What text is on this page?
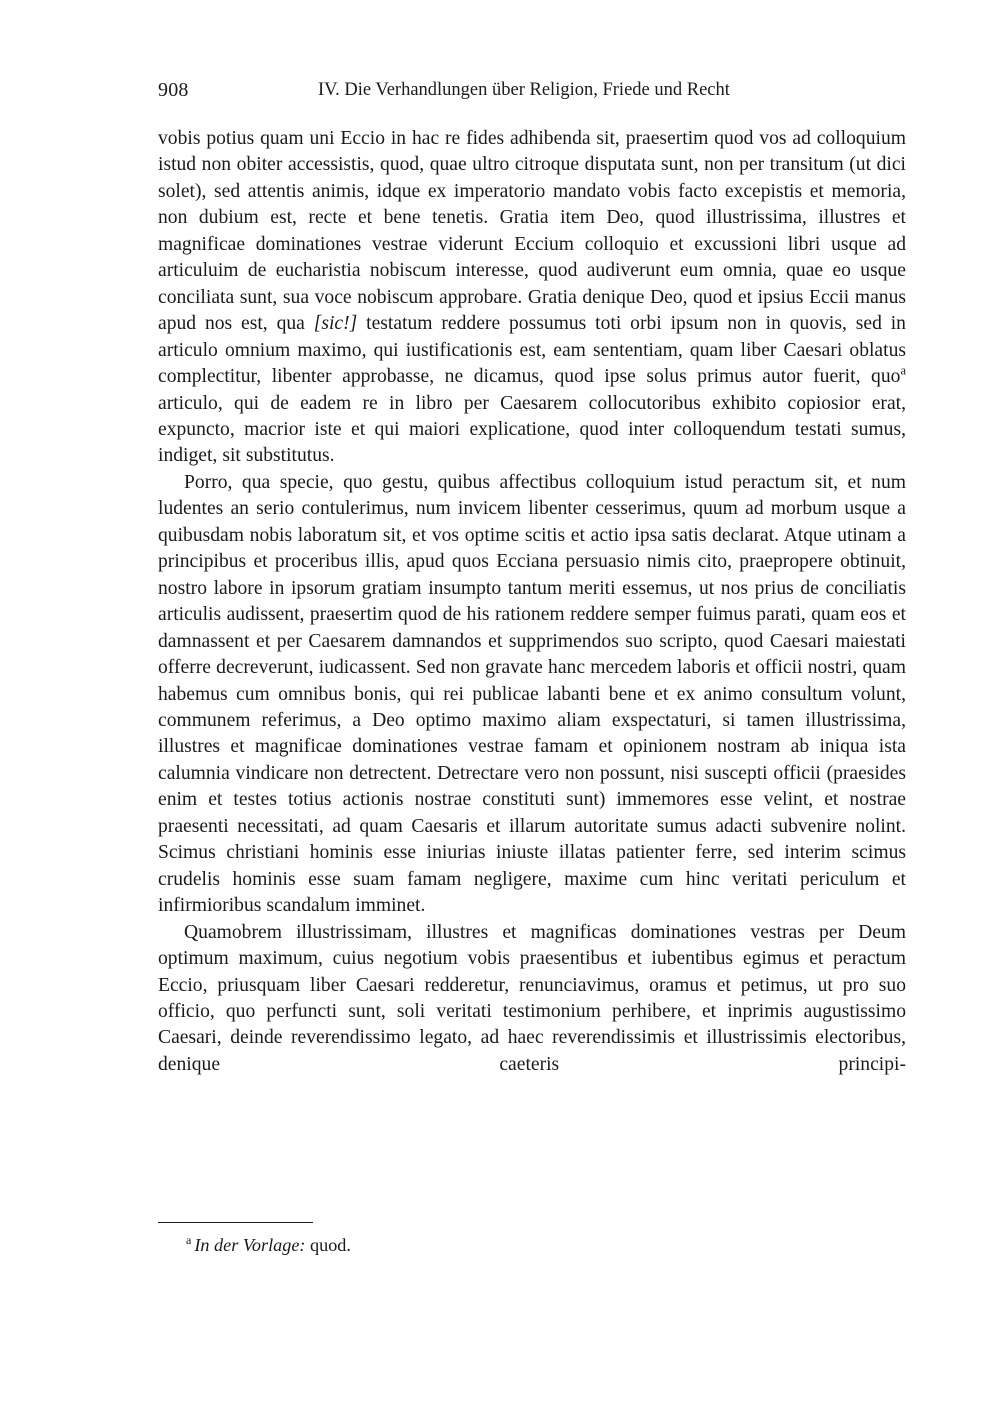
908	IV. Die Verhandlungen über Religion, Friede und Recht

vobis potius quam uni Eccio in hac re fides adhibenda sit, praesertim quod vos ad colloquium istud non obiter accessistis, quod, quae ultro citroque disputata sunt, non per transitum (ut dici solet), sed attentis animis, idque ex imperatorio mandato vobis facto excepistis et memoria, non dubium est, recte et bene tenetis. Gratia item Deo, quod illustrissima, illustres et magnificae dominationes vestrae viderunt Eccium colloquio et excussioni libri usque ad articuluim de eucharistia nobiscum interesse, quod audiverunt eum omnia, quae eo usque conciliata sunt, sua voce nobiscum approbare. Gratia denique Deo, quod et ipsius Eccii manus apud nos est, qua [sic!] testatum reddere possumus toti orbi ipsum non in quovis, sed in articulo omnium maximo, qui iustificationis est, eam sententiam, quam liber Caesari oblatus complectitur, libenter approbasse, ne dicamus, quod ipse solus primus autor fuerit, quo$^a$ articulo, qui de eadem re in libro per Caesarem collocutoribus exhibito copiosior erat, expuncto, macrior iste et qui maiori explicatione, quod inter colloquendum testati sumus, indiget, sit substitutus.

Porro, qua specie, quo gestu, quibus affectibus colloquium istud peractum sit, et num ludentes an serio contulerimus, num invicem libenter cesserimus, quum ad morbum usque a quibusdam nobis laboratum sit, et vos optime scitis et actio ipsa satis declarat. Atque utinam a principibus et proceribus illis, apud quos Ecciana persuasio nimis cito, praepropere obtinuit, nostro labore in ipsorum gratiam insumpto tantum meriti essemus, ut nos prius de conciliatis articulis audissent, praesertim quod de his rationem reddere semper fuimus parati, quam eos et damnassent et per Caesarem damnandos et supprimendos suo scripto, quod Caesari maiestati offerre decreverunt, iudicassent. Sed non gravate hanc mercedem laboris et officii nostri, quam habemus cum omnibus bonis, qui rei publicae labanti bene et ex animo consultum volunt, communem referimus, a Deo optimo maximo aliam exspectaturi, si tamen illustrissima, illustres et magnificae dominationes vestrae famam et opinionem nostram ab iniqua ista calumnia vindicare non detrectent. Detrectare vero non possunt, nisi suscepti officii (praesides enim et testes totius actionis nostrae constituti sunt) immemores esse velint, et nostrae praesenti necessitati, ad quam Caesaris et illarum autoritate sumus adacti subvenire nolint. Scimus christiani hominis esse iniurias iniuste illatas patienter ferre, sed interim scimus crudelis hominis esse suam famam negligere, maxime cum hinc veritati periculum et infirmioribus scandalum imminet.

Quamobrem illustrissimam, illustres et magnificas dominationes vestras per Deum optimum maximum, cuius negotium vobis praesentibus et iubentibus egimus et peractum Eccio, priusquam liber Caesari redderetur, renunciavimus, oramus et petimus, ut pro suo officio, quo perfuncti sunt, soli veritati testimonium perhibere, et inprimis augustissimo Caesari, deinde reverendissimo legato, ad haec reverendissimis et illustrissimis electoribus, denique caeteris principi-

$^a$ In der Vorlage: quod.
